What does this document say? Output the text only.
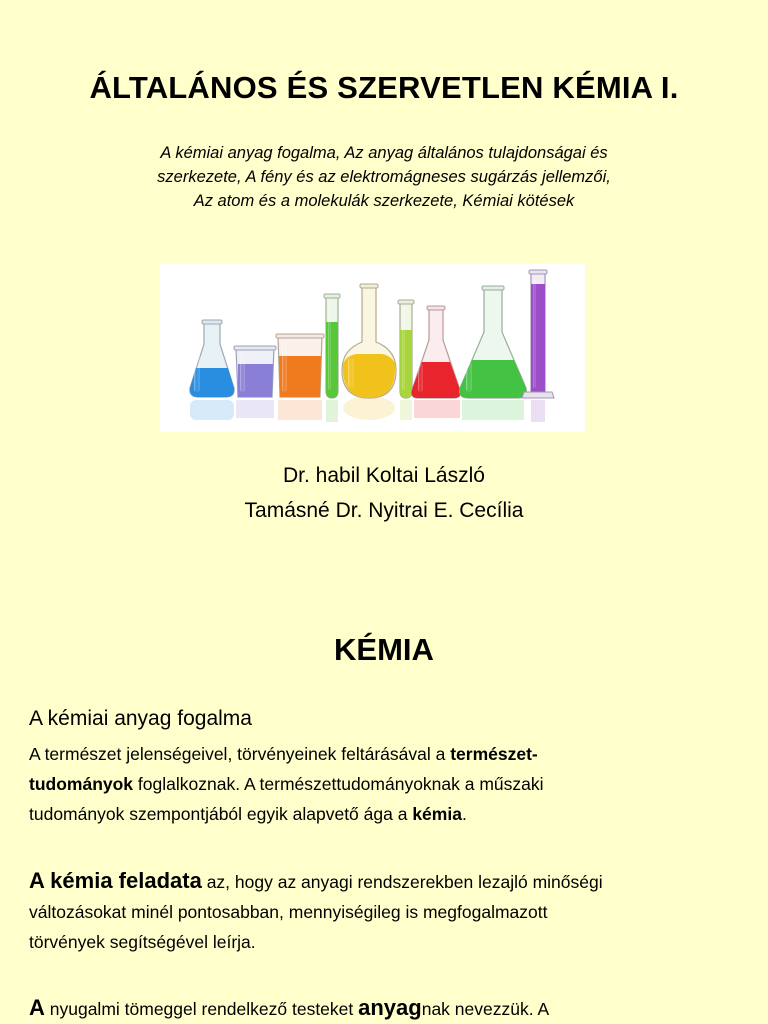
ÁLTALÁNOS ÉS SZERVETLEN KÉMIA I.
A kémiai anyag fogalma, Az anyag általános tulajdonságai és
szerkezete, A fény és az elektromágneses sugárzás jellemzői,
Az atom és a molekulák szerkezete, Kémiai kötések
Dr. habil Koltai László
Tamásné Dr. Nyitrai E. Cecília
KÉMIA
A kémiai anyag fogalma
A természet jelenségeivel, törvényeinek feltárásával a természet-
tudományok foglalkoznak. A természettudományoknak a műszaki
tudományok szempontjából egyik alapvető ága a kémia.
A kémia feladata az, hogy az anyagi rendszerekben lezajló minőségi
változásokat minél pontosabban, mennyiségileg is megfogalmazott
törvények segítségével leírja.
A nyugalmi tömeggel rendelkező testeket anyagnak nevezzük. A
